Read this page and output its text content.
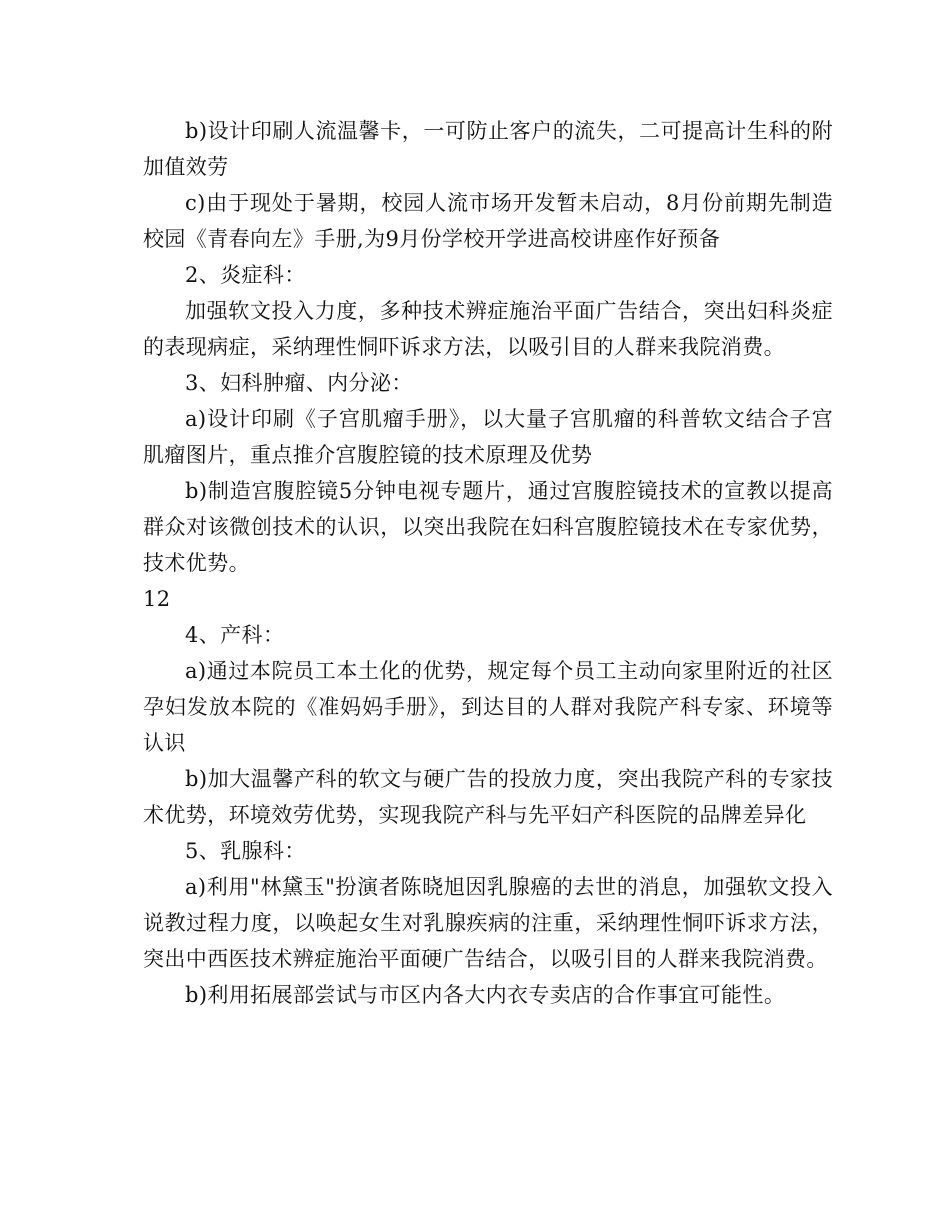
b)设计印刷人流温馨卡，一可防止客户的流失，二可提高计生科的附加值效劳

c)由于现处于暑期，校园人流市场开发暂未启动，8月份前期先制造校园《青春向左》手册,为9月份学校开学进高校讲座作好预备

2、炎症科：

加强软文投入力度，多种技术辨症施治平面广告结合，突出妇科炎症的表现病症，采纳理性恫吓诉求方法，以吸引目的人群来我院消费。

3、妇科肿瘤、内分泌：

a)设计印刷《子宫肌瘤手册》，以大量子宫肌瘤的科普软文结合子宫肌瘤图片，重点推介宫腹腔镜的技术原理及优势

b)制造宫腹腔镜5分钟电视专题片，通过宫腹腔镜技术的宣教以提高群众对该微创技术的认识，以突出我院在妇科宫腹腔镜技术在专家优势，技术优势。

12

4、产科：

a)通过本院员工本土化的优势，规定每个员工主动向家里附近的社区孕妇发放本院的《准妈妈手册》，到达目的人群对我院产科专家、环境等认识

b)加大温馨产科的软文与硬广告的投放力度，突出我院产科的专家技术优势，环境效劳优势，实现我院产科与先平妇产科医院的品牌差异化

5、乳腺科：

a)利用"林黛玉"扮演者陈晓旭因乳腺癌的去世的消息，加强软文投入说教过程力度，以唤起女生对乳腺疾病的注重，采纳理性恫吓诉求方法，突出中西医技术辨症施治平面硬广告结合，以吸引目的人群来我院消费。

b)利用拓展部尝试与市区内各大内衣专卖店的合作事宜可能性。
